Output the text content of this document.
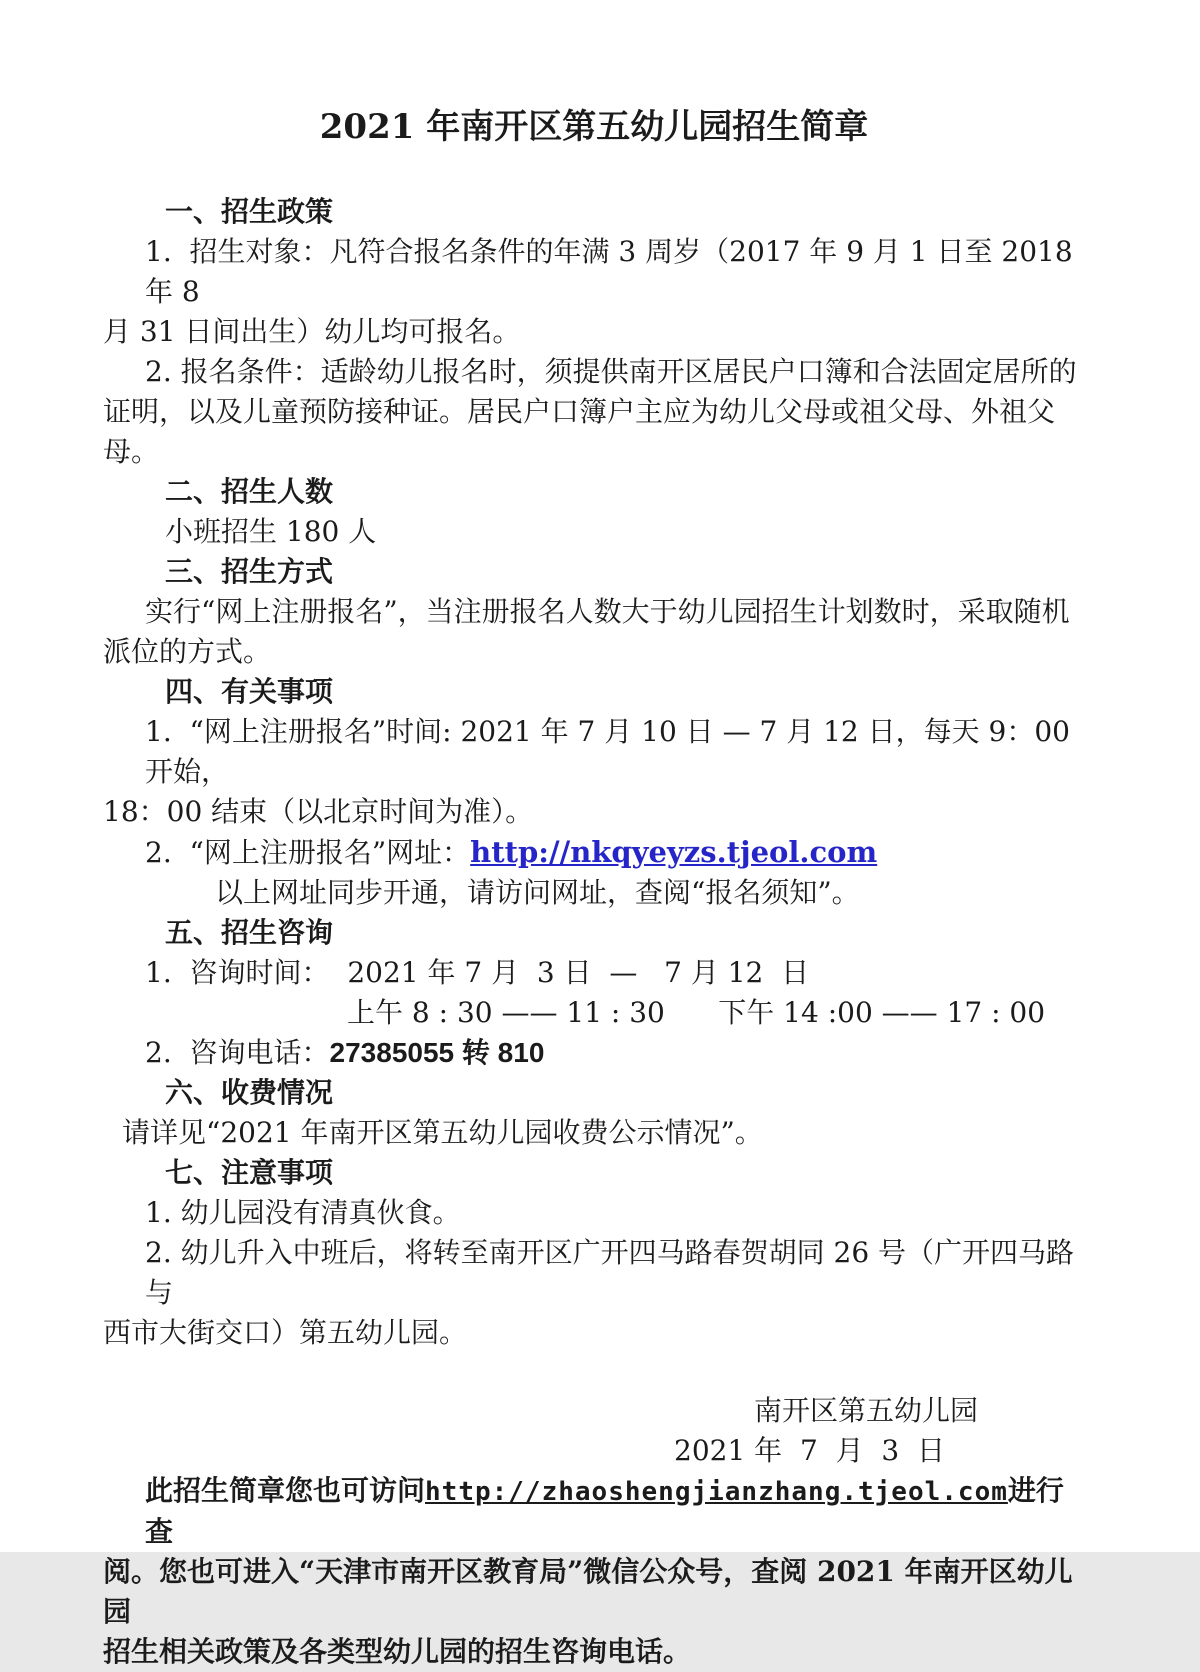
2021 年南开区第五幼儿园招生简章
一、招生政策
1.  招生对象：凡符合报名条件的年满 3 周岁（2017 年 9 月 1 日至 2018 年 8
月 31 日间出生）幼儿均可报名。
2. 报名条件：适龄幼儿报名时，须提供南开区居民户口簿和合法固定居所的
证明，以及儿童预防接种证。居民户口簿户主应为幼儿父母或祖父母、外祖父母。
二、招生人数
小班招生 180 人
三、招生方式
实行“网上注册报名”，当注册报名人数大于幼儿园招生计划数时，采取随机
派位的方式。
四、有关事项
1.  “网上注册报名”时间: 2021 年 7 月 10 日 — 7 月 12 日，每天 9：00 开始，
18：00 结束（以北京时间为准）。
2.  “网上注册报名”网址：http://nkqyeyzs.tjeol.com
以上网址同步开通，请访问网址，查阅“报名须知”。
五、招生咨询
1.  咨询时间：  2021 年 7 月  3 日  —   7 月 12  日
上午 8 : 30 —— 11 : 30      下午 14 :00 —— 17 : 00
2.  咨询电话：27385055 转 810
六、收费情况
请详见“2021 年南开区第五幼儿园收费公示情况”。
七、注意事项
1. 幼儿园没有清真伙食。
2. 幼儿升入中班后，将转至南开区广开四马路春贺胡同 26 号（广开四马路与
西市大街交口）第五幼儿园。
南开区第五幼儿园
2021 年  7  月  3  日
此招生简章您也可访问http://zhaoshengjianzhang.tjeol.com进行查
阅。您也可进入“天津市南开区教育局”微信公众号，查阅 2021 年南开区幼儿园
招生相关政策及各类型幼儿园的招生咨询电话。
